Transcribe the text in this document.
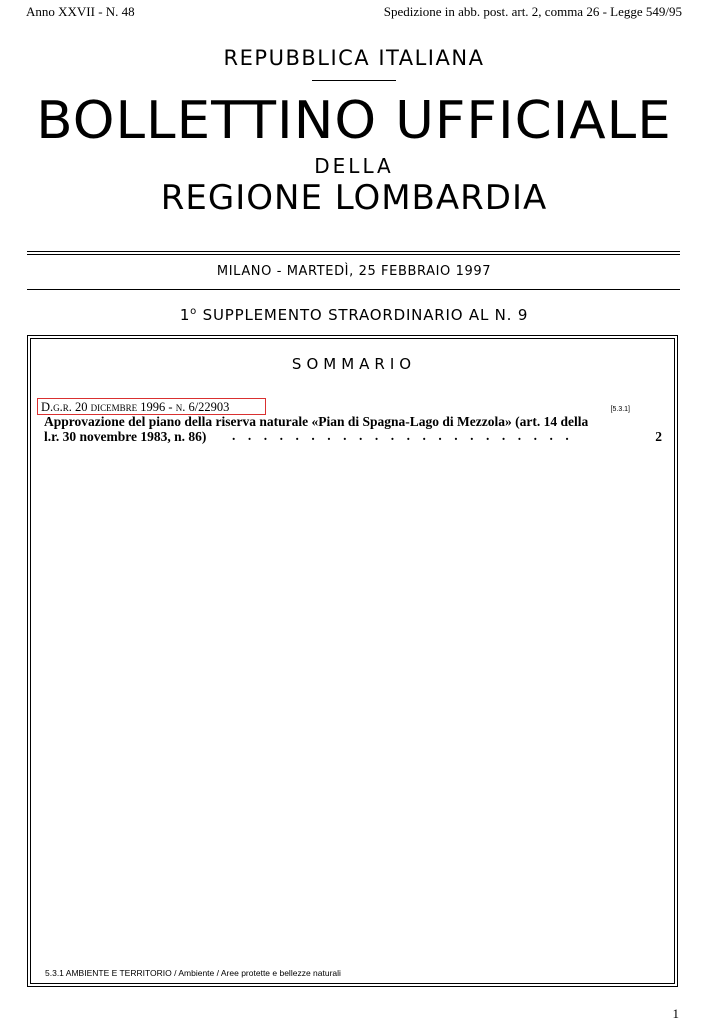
Anno XXVII - N. 48	Spedizione in abb. post. art. 2, comma 26 - Legge 549/95
REPUBBLICA ITALIANA
BOLLETTINO UFFICIALE
DELLA
REGIONE LOMBARDIA
MILANO - MARTEDÌ, 25 FEBBRAIO 1997
1$^o$ SUPPLEMENTO STRAORDINARIO AL N. 9
SOMMARIO
D.g.r. 20 dicembre 1996 - n. 6/22903	[5.3.1]
Approvazione del piano della riserva naturale «Pian di Spagna-Lago di Mezzola» (art. 14 della
l.r. 30 novembre 1983, n. 86) ......................	2
5.3.1 AMBIENTE E TERRITORIO / Ambiente / Aree protette e bellezze naturali
1
